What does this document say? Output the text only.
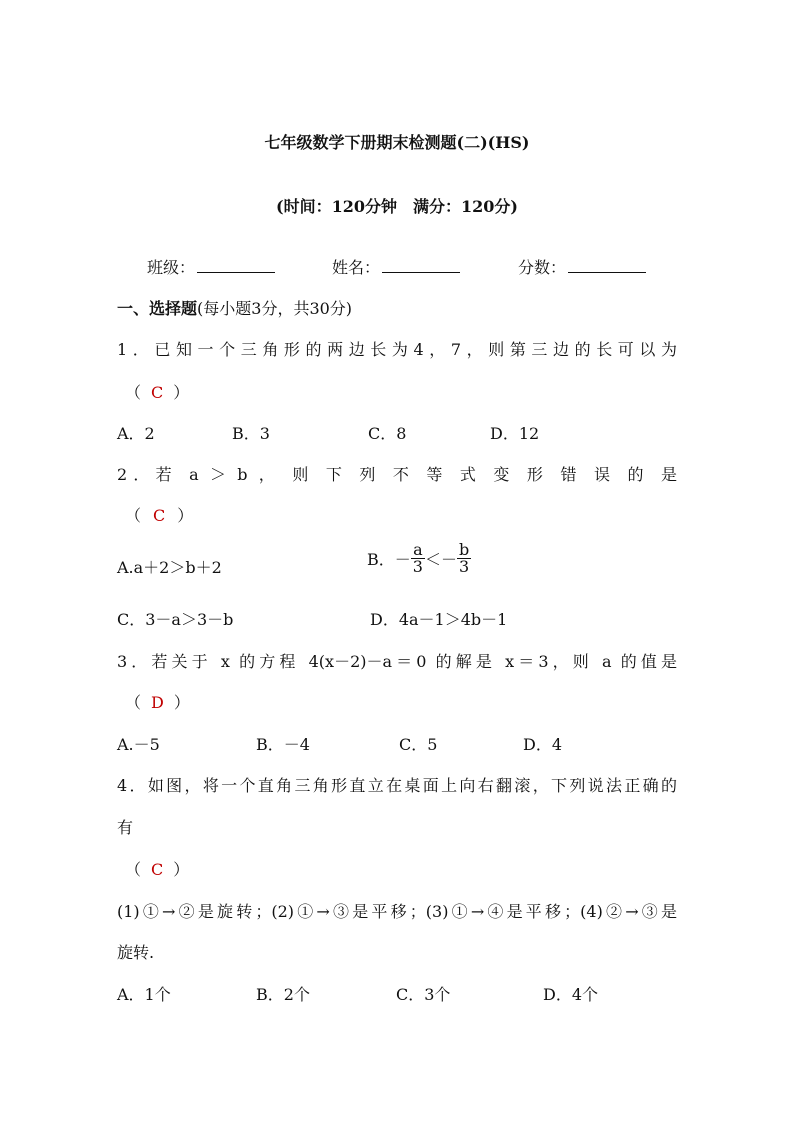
七年级数学下册期末检测题(二)(HS)
(时间：120分钟　满分：120分)
班级：	姓名：	分数：
一、选择题(每小题3分，共30分)
1．已知一个三角形的两边长为4，7，则第三边的长可以为
（ C ）
A．2	B．3	C．8	D．12
2．若 a ＞ b ， 则 下 列 不 等 式 变 形 错 误 的 是
（ C ）
A.a＋2＞b＋2	B．－ $\frac{a}{3} <- \frac{b}{3}$
C．3－a＞3－b	D．4a－1＞4b－1
3．若关于 x 的方程 4(x－2)－a＝0 的解是 x＝3，则 a 的值是
（ D ）
A.－5	B．－4	C．5	D．4
4．如图，将一个直角三角形直立在桌面上向右翻滚，下列说法正确的
有
（ C ）
(1)①→②是旋转；(2)①→③是平移；(3)①→④是平移；(4)②→③是
旋转.
A．1个	B．2个	C．3个	D．4个
